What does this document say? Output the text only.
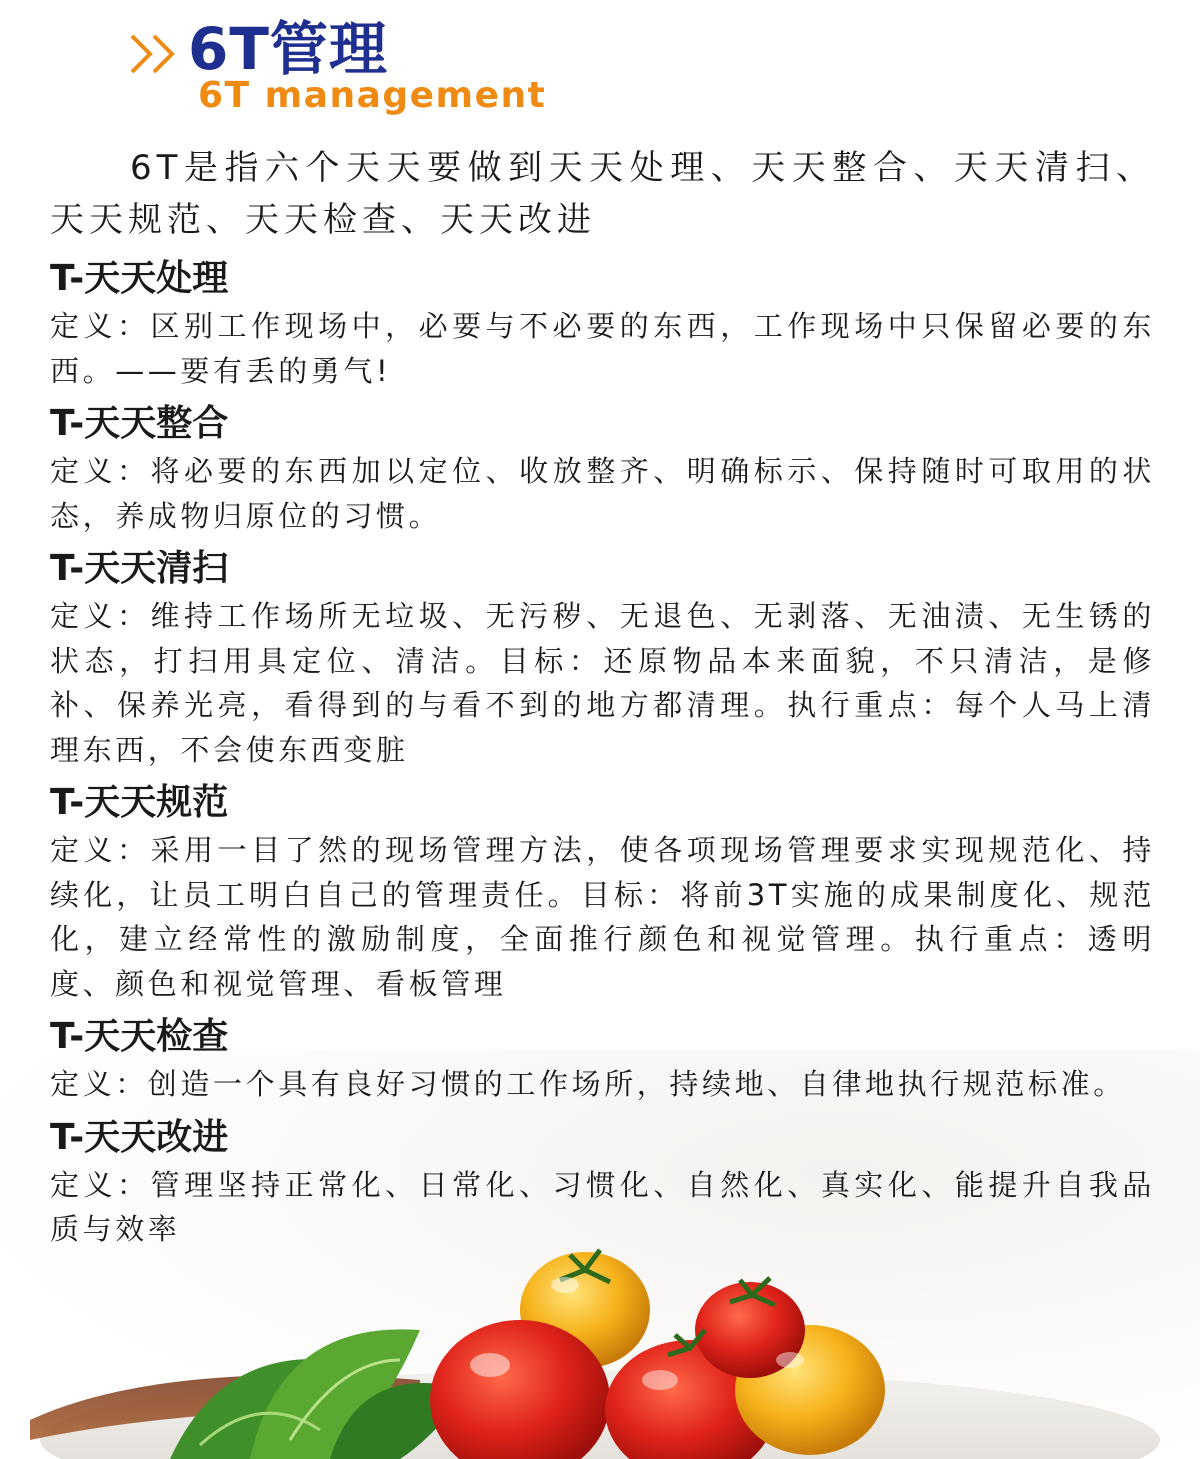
6T管理
6T management

6T是指六个天天要做到天天处理、天天整合、天天清扫、天天规范、天天检查、天天改进

T-天天处理

定义：区别工作现场中，必要与不必要的东西，工作现场中只保留必要的东西。——要有丢的勇气!

T-天天整合

定义：将必要的东西加以定位、收放整齐、明确标示、保持随时可取用的状态，养成物归原位的习惯。

T-天天清扫

定义：维持工作场所无垃圾、无污秽、无退色、无剥落、无油渍、无生锈的状态，打扫用具定位、清洁。目标：还原物品本来面貌，不只清洁，是修补、保养光亮，看得到的与看不到的地方都清理。执行重点：每个人马上清理东西，不会使东西变脏

T-天天规范

定义：采用一目了然的现场管理方法，使各项现场管理要求实现规范化、持续化，让员工明白自己的管理责任。目标：将前3T实施的成果制度化、规范化，建立经常性的激励制度，全面推行颜色和视觉管理。执行重点：透明度、颜色和视觉管理、看板管理

T-天天检查

定义：创造一个具有良好习惯的工作场所，持续地、自律地执行规范标准。

T-天天改进

定义：管理坚持正常化、日常化、习惯化、自然化、真实化、能提升自我品质与效率
